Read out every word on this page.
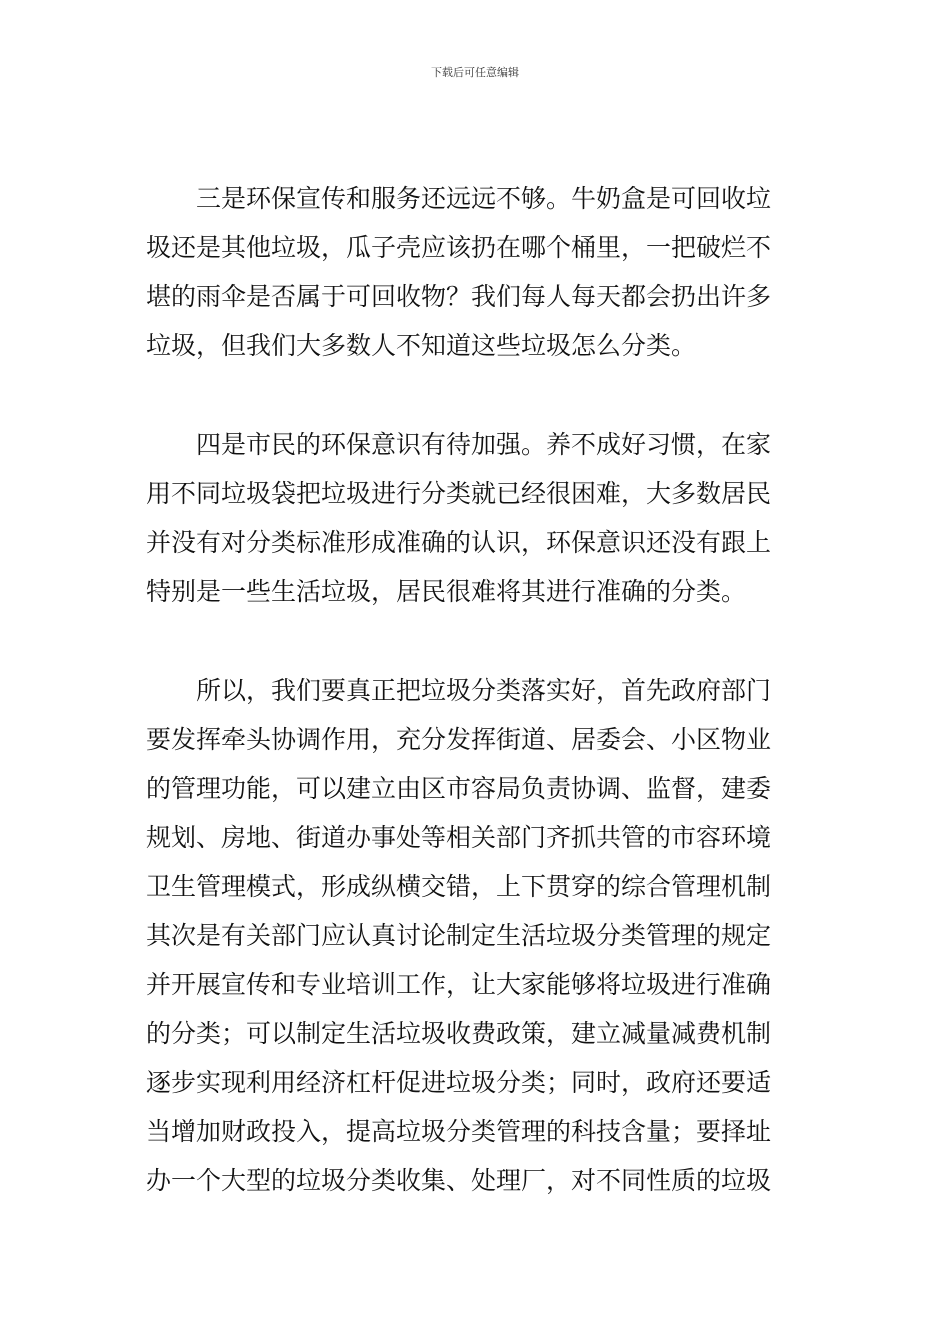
下载后可任意编辑

　　三是环保宣传和服务还远远不够。牛奶盒是可回收垃
圾还是其他垃圾，瓜子壳应该扔在哪个桶里，一把破烂不
堪的雨伞是否属于可回收物？我们每人每天都会扔出许多
垃圾，但我们大多数人不知道这些垃圾怎么分类。

　　四是市民的环保意识有待加强。养不成好习惯，在家
用不同垃圾袋把垃圾进行分类就已经很困难，大多数居民
并没有对分类标准形成准确的认识，环保意识还没有跟上
特别是一些生活垃圾，居民很难将其进行准确的分类。

　　所以，我们要真正把垃圾分类落实好，首先政府部门
要发挥牵头协调作用，充分发挥街道、居委会、小区物业
的管理功能，可以建立由区市容局负责协调、监督，建委
规划、房地、街道办事处等相关部门齐抓共管的市容环境
卫生管理模式，形成纵横交错，上下贯穿的综合管理机制
其次是有关部门应认真讨论制定生活垃圾分类管理的规定
并开展宣传和专业培训工作，让大家能够将垃圾进行准确
的分类；可以制定生活垃圾收费政策，建立减量减费机制
逐步实现利用经济杠杆促进垃圾分类；同时，政府还要适
当增加财政投入，提高垃圾分类管理的科技含量；要择址
办一个大型的垃圾分类收集、处理厂，对不同性质的垃圾
